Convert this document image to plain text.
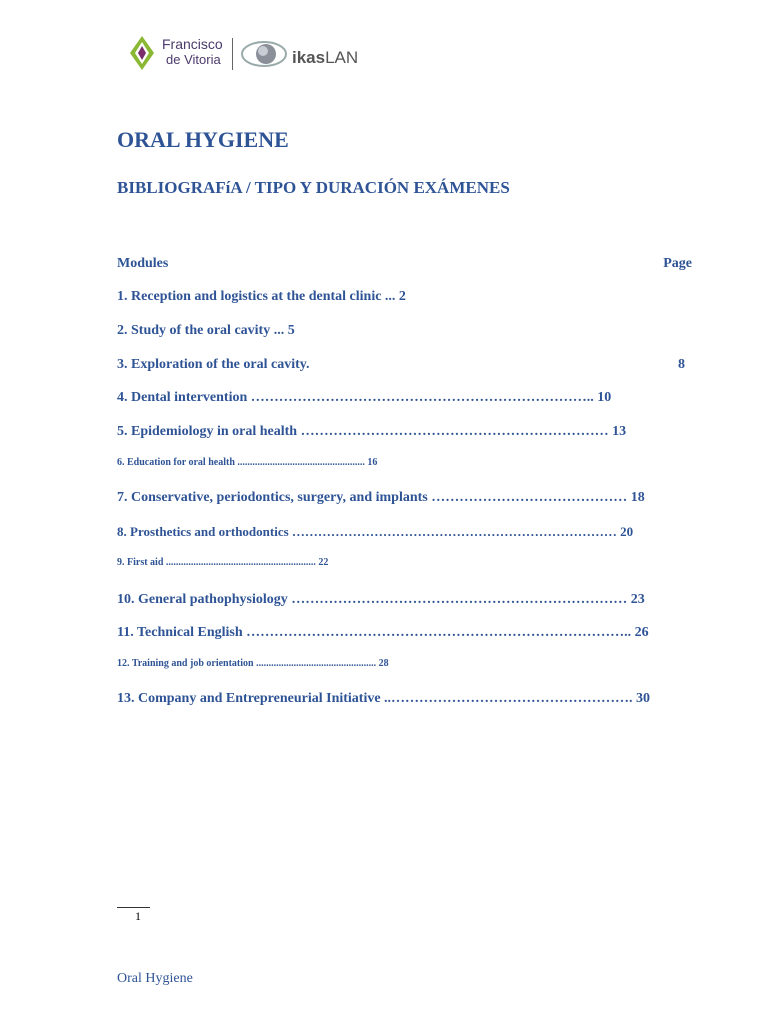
Francisco
de Vitoria	ikasLAN
ORAL HYGIENE
BIBLIOGRAFíA / TIPO Y DURACIÓN EXÁMENES
Modules	Page
1. Reception and logistics at the dental clinic ... 2
2. Study of the oral cavity ... 5
3. Exploration of the oral cavity.	8
4. Dental intervention ……………………………………………………………….. 10
5. Epidemiology in oral health ………………………………………………………… 13
6. Education for oral health ................................................... 16
7. Conservative, periodontics, surgery, and implants …………………………………… 18
8. Prosthetics and orthodontics ………………………………………………………………… 20
9. First aid ............................................................ 22
10. General pathophysiology ……………………………………………………………… 23
11. Technical English ……………………………………………………………………….. 26
12. Training and job orientation ................................................ 28
13. Company and Entrepreneurial Initiative ..……………………………………………. 30
1
Oral Hygiene
